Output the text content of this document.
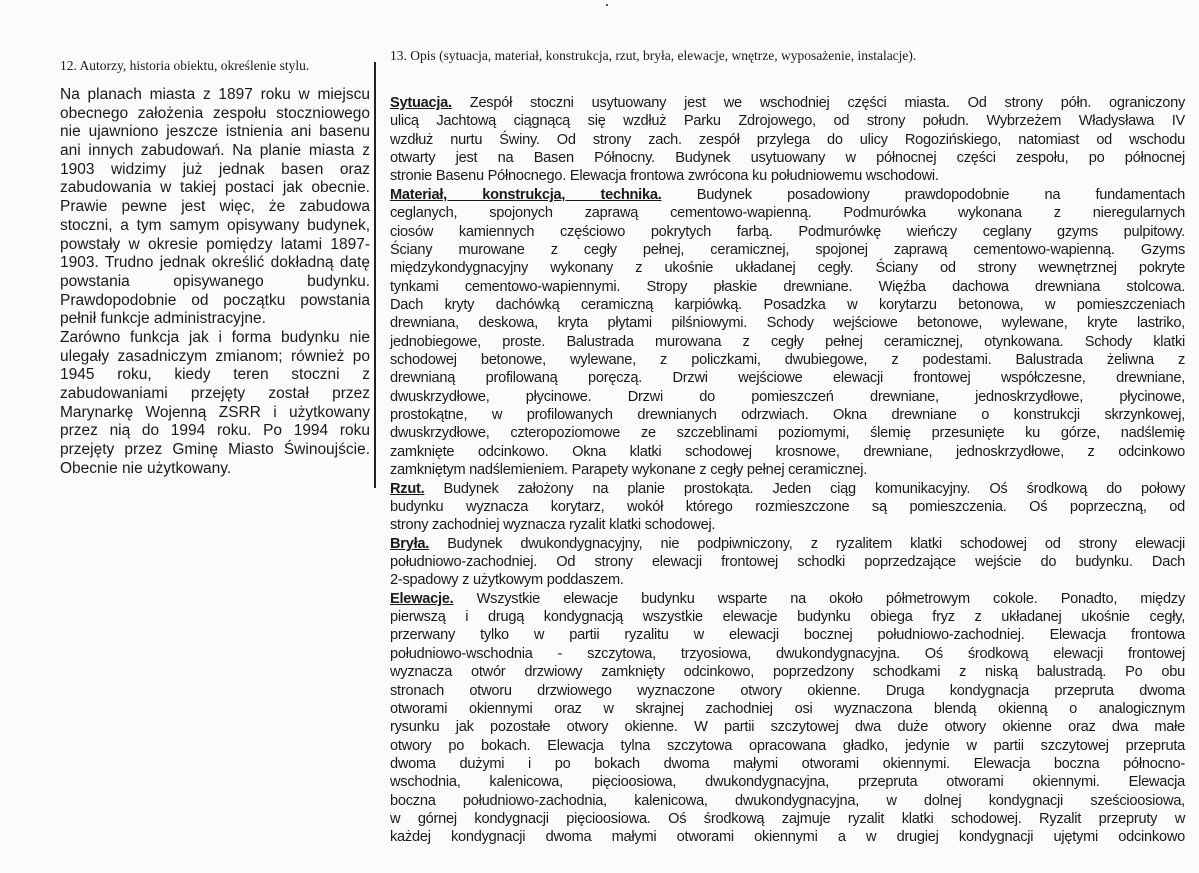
12. Autorzy, historia obiektu, określenie stylu.
13. Opis (sytuacja, materiał, konstrukcja, rzut, bryła, elewacje, wnętrze, wyposażenie, instalacje).
Na planach miasta z 1897 roku w miejscu
obecnego założenia zespołu stoczniowego
nie ujawniono jeszcze istnienia ani basenu
ani innych zabudowań. Na planie miasta z
1903 widzimy już jednak basen oraz
zabudowania w takiej postaci jak obecnie.
Prawie pewne jest więc, że zabudowa
stoczni, a tym samym opisywany budynek,
powstały w okresie pomiędzy latami 1897-
1903. Trudno jednak określić dokładną datę
powstania opisywanego budynku.
Prawdopodobnie od początku powstania
pełnił funkcje administracyjne.
Zarówno funkcja jak i forma budynku nie
ulegały zasadniczym zmianom; również po
1945 roku, kiedy teren stoczni z
zabudowaniami przejęty został przez
Marynarkę Wojenną ZSRR i użytkowany
przez nią do 1994 roku. Po 1994 roku
przejęty przez Gminę Miasto Świnoujście.
Obecnie nie użytkowany.
Sytuacja. Zespół stoczni usytuowany jest we wschodniej części miasta. Od strony półn. ograniczony
ulicą Jachtową ciągnącą się wzdłuż Parku Zdrojowego, od strony połudn. Wybrzeżem Władysława IV
wzdłuż nurtu Świny. Od strony zach. zespół przylega do ulicy Rogozińskiego, natomiast od wschodu
otwarty jest na Basen Północny. Budynek usytuowany w północnej części zespołu, po północnej
stronie Basenu Północnego. Elewacja frontowa zwrócona ku południowemu wschodowi.
Materiał, konstrukcja, technika. Budynek posadowiony prawdopodobnie na fundamentach
ceglanych, spojonych zaprawą cementowo-wapienną. Podmurówka wykonana z nieregularnych
ciosów kamiennych częściowo pokrytych farbą. Podmurówkę wieńczy ceglany gzyms pulpitowy.
Ściany murowane z cegły pełnej, ceramicznej, spojonej zaprawą cementowo-wapienną. Gzyms
międzykondygnacyjny wykonany z ukośnie układanej cegły. Ściany od strony wewnętrznej pokryte
tynkami cementowo-wapiennymi. Stropy płaskie drewniane. Więźba dachowa drewniana stolcowa.
Dach kryty dachówką ceramiczną karpiówką. Posadzka w korytarzu betonowa, w pomieszczeniach
drewniana, deskowa, kryta płytami pilśniowymi. Schody wejściowe betonowe, wylewane, kryte lastriko,
jednobiegowe, proste. Balustrada murowana z cegły pełnej ceramicznej, otynkowana. Schody klatki
schodowej betonowe, wylewane, z policzkami, dwubiegowe, z podestami. Balustrada żeliwna z
drewnianą profilowaną poręczą. Drzwi wejściowe elewacji frontowej współczesne, drewniane,
dwuskrzydłowe, płycinowe. Drzwi do pomieszczeń drewniane, jednoskrzydłowe, płycinowe,
prostokątne, w profilowanych drewnianych odrzwiach. Okna drewniane o konstrukcji skrzynkowej,
dwuskrzydłowe, czteropoziomowe ze szczeblinami poziomymi, ślemię przesunięte ku górze, nadślemię
zamknięte odcinkowo. Okna klatki schodowej krosnowe, drewniane, jednoskrzydłowe, z odcinkowo
zamkniętym nadślemieniem. Parapety wykonane z cegły pełnej ceramicznej.
Rzut. Budynek założony na planie prostokąta. Jeden ciąg komunikacyjny. Oś środkową do połowy
budynku wyznacza korytarz, wokół którego rozmieszczone są pomieszczenia. Oś poprzeczną, od
strony zachodniej wyznacza ryzalit klatki schodowej.
Bryła. Budynek dwukondygnacyjny, nie podpiwniczony, z ryzalitem klatki schodowej od strony elewacji
południowo-zachodniej. Od strony elewacji frontowej schodki poprzedzające wejście do budynku. Dach
2-spadowy z użytkowym poddaszem.
Elewacje. Wszystkie elewacje budynku wsparte na około półmetrowym cokole. Ponadto, między
pierwszą i drugą kondygnacją wszystkie elewacje budynku obiega fryz z układanej ukośnie cegły,
przerwany tylko w partii ryzalitu w elewacji bocznej południowo-zachodniej. Elewacja frontowa
południowo-wschodnia - szczytowa, trzyosiowa, dwukondygnacyjna. Oś środkową elewacji frontowej
wyznacza otwór drzwiowy zamknięty odcinkowo, poprzedzony schodkami z niską balustradą. Po obu
stronach otworu drzwiowego wyznaczone otwory okienne. Druga kondygnacja przepruta dwoma
otworami okiennymi oraz w skrajnej zachodniej osi wyznaczona blendą okienną o analogicznym
rysunku jak pozostałe otwory okienne. W partii szczytowej dwa duże otwory okienne oraz dwa małe
otwory po bokach. Elewacja tylna szczytowa opracowana gładko, jedynie w partii szczytowej przepruta
dwoma dużymi i po bokach dwoma małymi otworami okiennymi. Elewacja boczna północno-
wschodnia, kalenicowa, pięcioosiowa, dwukondygnacyjna, przepruta otworami okiennymi. Elewacja
boczna południowo-zachodnia, kalenicowa, dwukondygnacyjna, w dolnej kondygnacji sześcioosiowa,
w górnej kondygnacji pięcioosiowa. Oś środkową zajmuje ryzalit klatki schodowej. Ryzalit przepruty w
każdej kondygnacji dwoma małymi otworami okiennymi a w drugiej kondygnacji ujętymi odcinkowo
